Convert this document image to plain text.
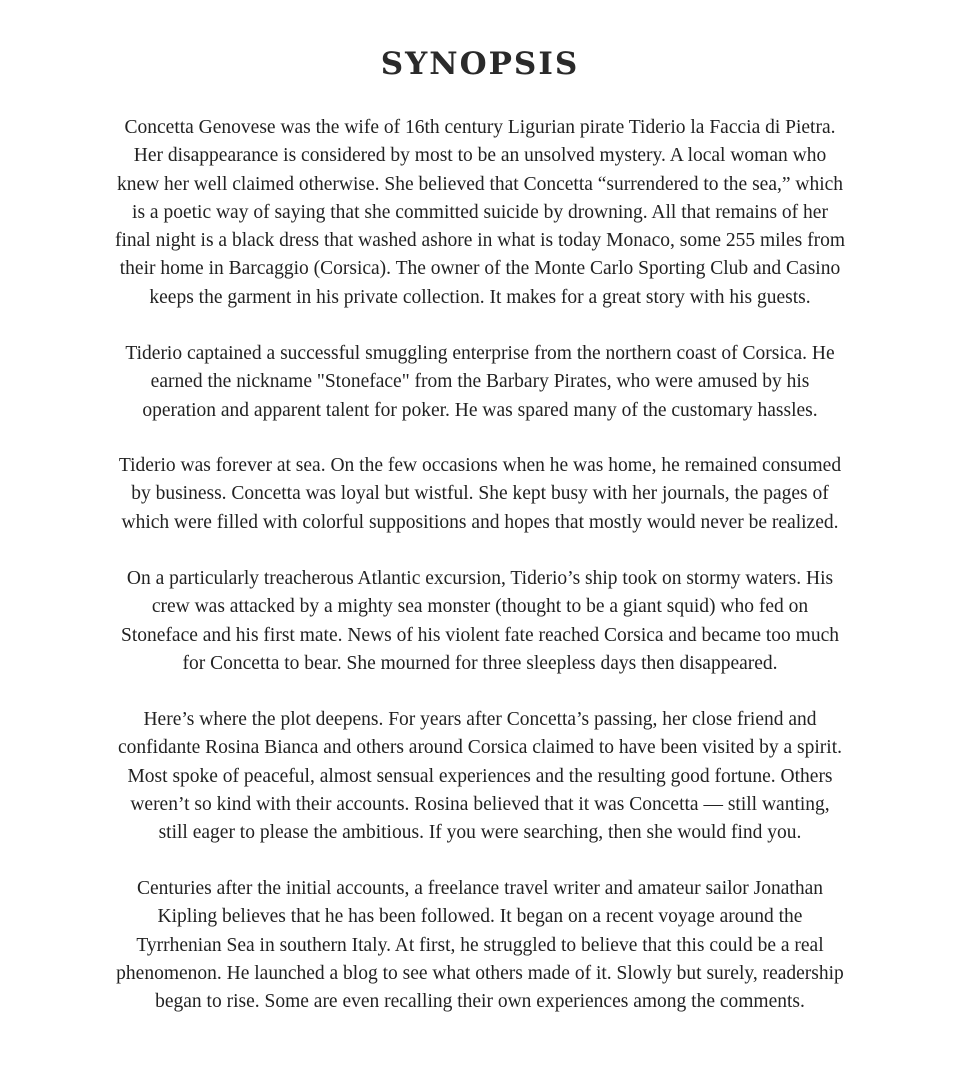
SYNOPSIS

Concetta Genovese was the wife of 16th century Ligurian pirate Tiderio la Faccia di Pietra.
Her disappearance is considered by most to be an unsolved mystery. A local woman who
knew her well claimed otherwise. She believed that Concetta “surrendered to the sea,” which
is a poetic way of saying that she committed suicide by drowning. All that remains of her
final night is a black dress that washed ashore in what is today Monaco, some 255 miles from
their home in Barcaggio (Corsica). The owner of the Monte Carlo Sporting Club and Casino
keeps the garment in his private collection. It makes for a great story with his guests.

Tiderio captained a successful smuggling enterprise from the northern coast of Corsica. He
earned the nickname "Stoneface" from the Barbary Pirates, who were amused by his
operation and apparent talent for poker. He was spared many of the customary hassles.

Tiderio was forever at sea. On the few occasions when he was home, he remained consumed
by business. Concetta was loyal but wistful. She kept busy with her journals, the pages of
which were filled with colorful suppositions and hopes that mostly would never be realized.

On a particularly treacherous Atlantic excursion, Tiderio’s ship took on stormy waters. His
crew was attacked by a mighty sea monster (thought to be a giant squid) who fed on
Stoneface and his first mate. News of his violent fate reached Corsica and became too much
for Concetta to bear. She mourned for three sleepless days then disappeared.

Here’s where the plot deepens. For years after Concetta’s passing, her close friend and
confidante Rosina Bianca and others around Corsica claimed to have been visited by a spirit.
Most spoke of peaceful, almost sensual experiences and the resulting good fortune. Others
weren’t so kind with their accounts. Rosina believed that it was Concetta — still wanting,
still eager to please the ambitious. If you were searching, then she would find you.

Centuries after the initial accounts, a freelance travel writer and amateur sailor Jonathan
Kipling believes that he has been followed. It began on a recent voyage around the
Tyrrhenian Sea in southern Italy. At first, he struggled to believe that this could be a real
phenomenon. He launched a blog to see what others made of it. Slowly but surely, readership
began to rise. Some are even recalling their own experiences among the comments.
